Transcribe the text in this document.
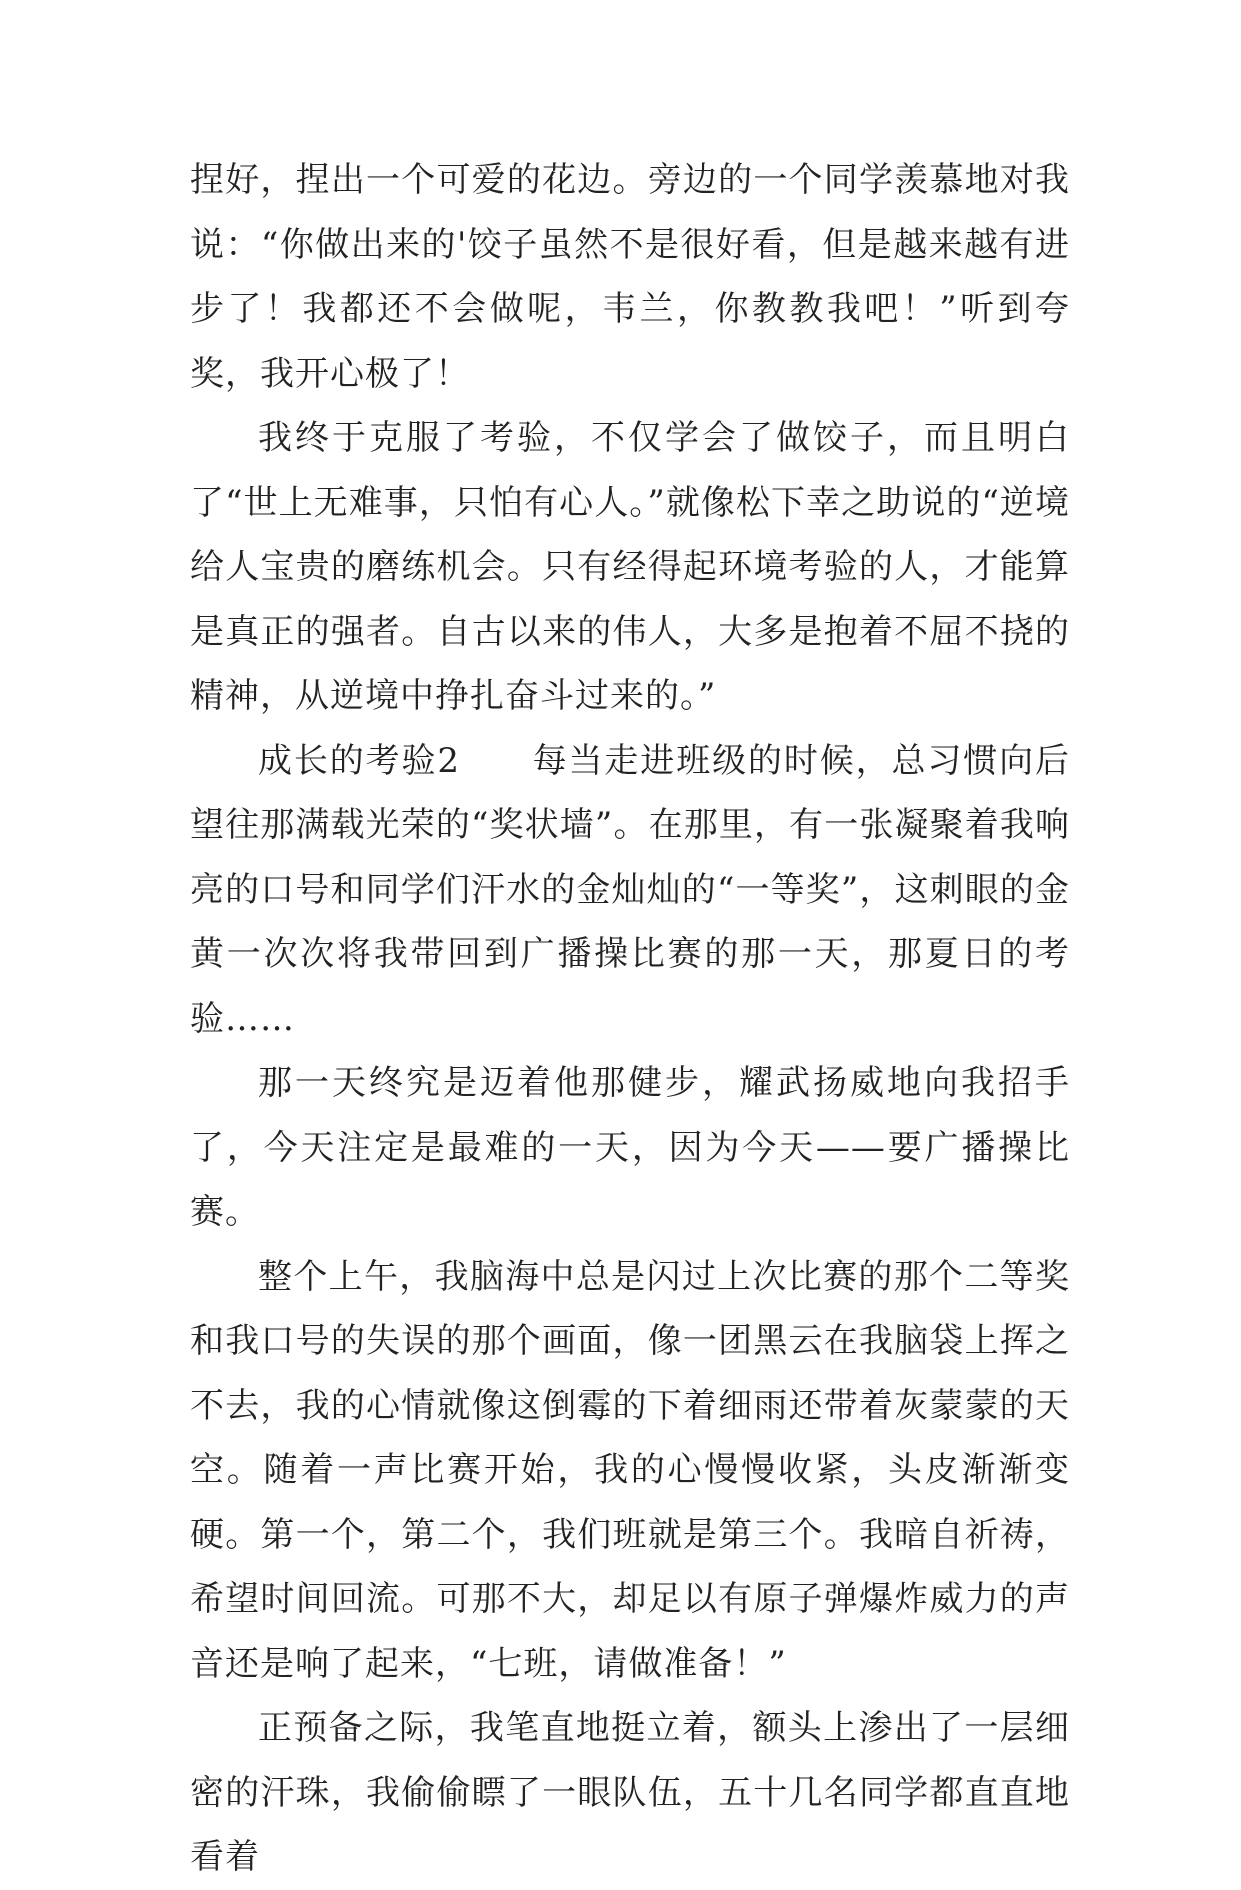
捏好，捏出一个可爱的花边。旁边的一个同学羡慕地对我说：“你做出来的'饺子虽然不是很好看，但是越来越有进步了！我都还不会做呢，韦兰，你教教我吧！”听到夸奖，我开心极了！

我终于克服了考验，不仅学会了做饺子，而且明白了“世上无难事，只怕有心人。”就像松下幸之助说的“逆境给人宝贵的磨练机会。只有经得起环境考验的人，才能算是真正的强者。自古以来的伟人，大多是抱着不屈不挠的精神，从逆境中挣扎奋斗过来的。”

成长的考验2　　每当走进班级的时候，总习惯向后望往那满载光荣的“奖状墙”。在那里，有一张凝聚着我响亮的口号和同学们汗水的金灿灿的“一等奖”，这刺眼的金黄一次次将我带回到广播操比赛的那一天，那夏日的考验……

那一天终究是迈着他那健步，耀武扬威地向我招手了，今天注定是最难的一天，因为今天——要广播操比赛。

整个上午，我脑海中总是闪过上次比赛的那个二等奖和我口号的失误的那个画面，像一团黑云在我脑袋上挥之不去，我的心情就像这倒霉的下着细雨还带着灰蒙蒙的天空。随着一声比赛开始，我的心慢慢收紧，头皮渐渐变硬。第一个，第二个，我们班就是第三个。我暗自祈祷，希望时间回流。可那不大，却足以有原子弹爆炸威力的声音还是响了起来，“七班，请做准备！”

正预备之际，我笔直地挺立着，额头上渗出了一层细密的汗珠，我偷偷瞟了一眼队伍，五十几名同学都直直地看着
